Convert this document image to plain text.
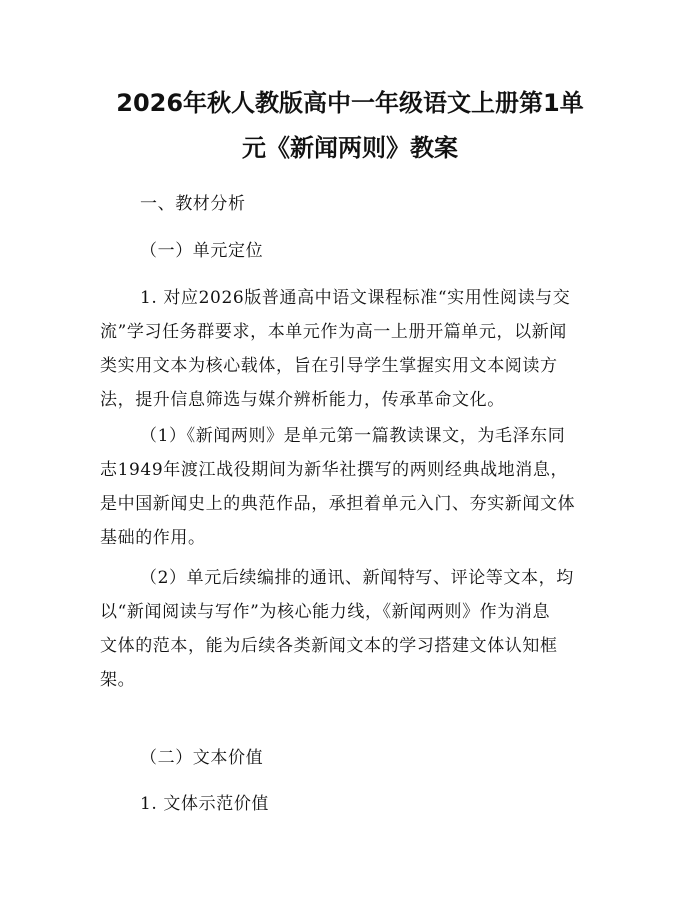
2026年秋人教版高中一年级语文上册第1单
元《新闻两则》教案

一、教材分析

（一）单元定位

1. 对应2026版普通高中语文课程标准“实用性阅读与交
流”学习任务群要求，本单元作为高一上册开篇单元，以新闻
类实用文本为核心载体，旨在引导学生掌握实用文本阅读方
法，提升信息筛选与媒介辨析能力，传承革命文化。

（1）《新闻两则》是单元第一篇教读课文，为毛泽东同
志1949年渡江战役期间为新华社撰写的两则经典战地消息，
是中国新闻史上的典范作品，承担着单元入门、夯实新闻文体
基础的作用。

（2）单元后续编排的通讯、新闻特写、评论等文本，均
以“新闻阅读与写作”为核心能力线，《新闻两则》作为消息
文体的范本，能为后续各类新闻文本的学习搭建文体认知框
架。

（二）文本价值

1. 文体示范价值
